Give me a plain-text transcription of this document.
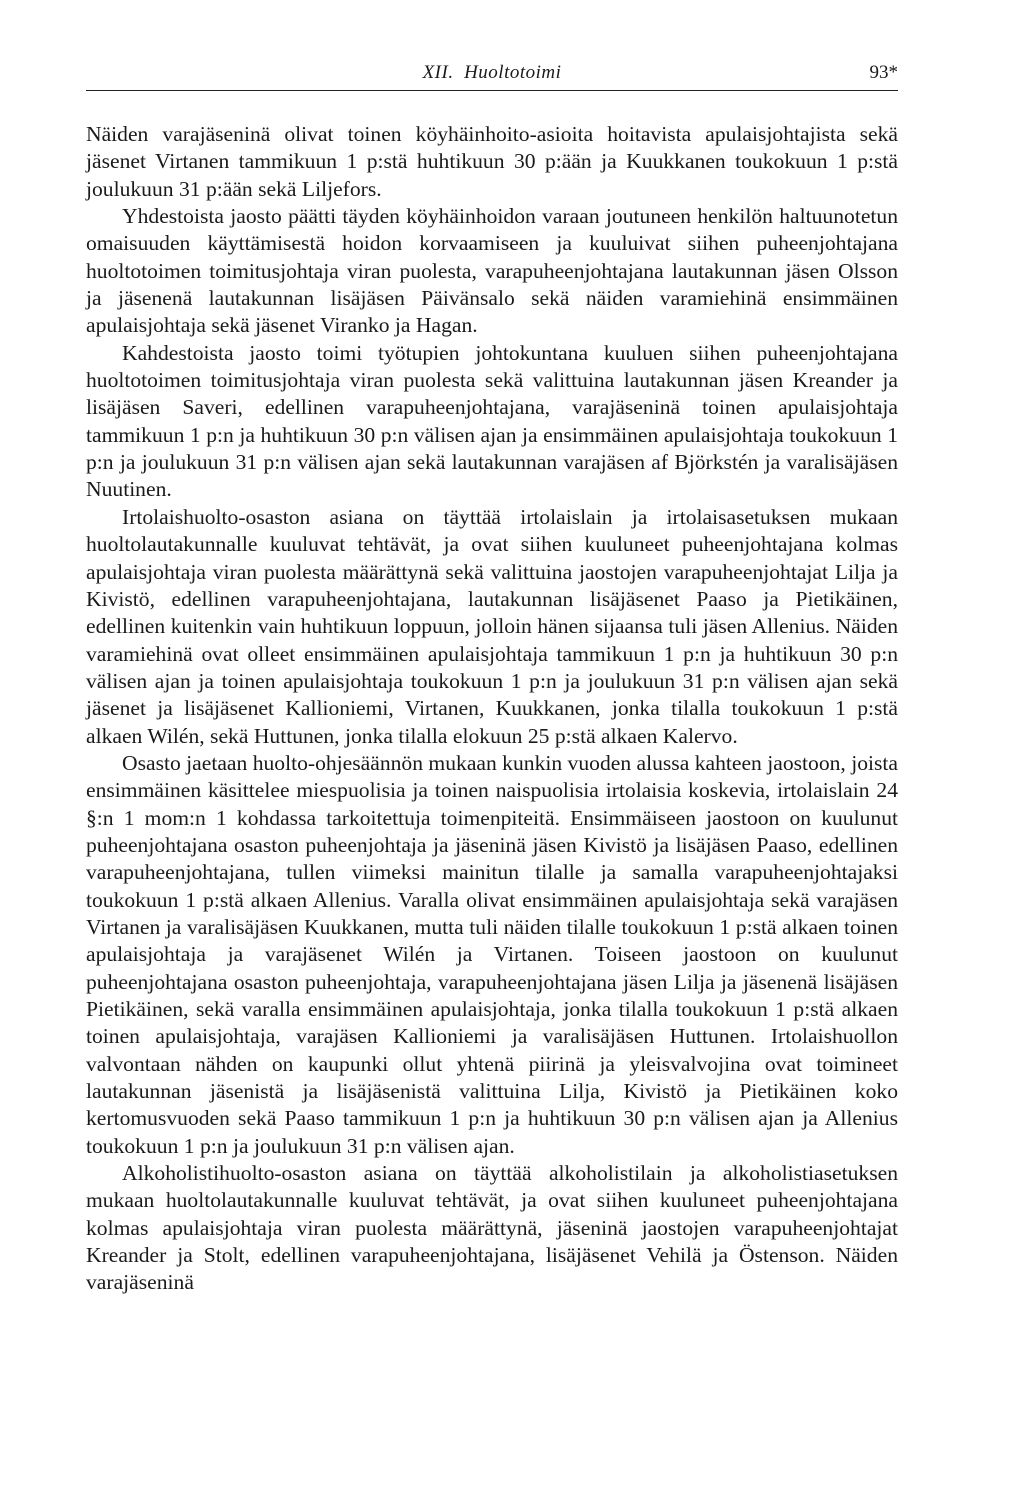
XII. Huoltotoimi	93*

Näiden varajäseninä olivat toinen köyhäinhoito-asioita hoitavista apulaisjohtajista sekä jäsenet Virtanen tammikuun 1 p:stä huhtikuun 30 p:ään ja Kuukkanen toukokuun 1 p:stä joulukuun 31 p:ään sekä Liljefors.

Yhdestoista jaosto päätti täyden köyhäinhoidon varaan joutuneen henkilön haltuunotetun omaisuuden käyttämisestä hoidon korvaamiseen ja kuuluivat siihen puheenjohtajana huoltotoimen toimitusjohtaja viran puolesta, varapuheenjohtajana lautakunnan jäsen Olsson ja jäsenenä lautakunnan lisäjäsen Päivänsalo sekä näiden varamiehinä ensimmäinen apulaisjohtaja sekä jäsenet Viranko ja Hagan.

Kahdestoista jaosto toimi työtupien johtokuntana kuuluen siihen puheenjohtajana huoltotoimen toimitusjohtaja viran puolesta sekä valittuina lautakunnan jäsen Kreander ja lisäjäsen Saveri, edellinen varapuheenjohtajana, varajäseninä toinen apulaisjohtaja tammikuun 1 p:n ja huhtikuun 30 p:n välisen ajan ja ensimmäinen apulaisjohtaja toukokuun 1 p:n ja joulukuun 31 p:n välisen ajan sekä lautakunnan varajäsen af Björkstén ja varalisäjäsen Nuutinen.

Irtolaishuolto-osaston asiana on täyttää irtolaislain ja irtolaisasetuksen mukaan huoltolautakunnalle kuuluvat tehtävät, ja ovat siihen kuuluneet puheenjohtajana kolmas apulaisjohtaja viran puolesta määrättynä sekä valittuina jaostojen varapuheenjohtajat Lilja ja Kivistö, edellinen varapuheenjohtajana, lautakunnan lisäjäsenet Paaso ja Pietikäinen, edellinen kuitenkin vain huhtikuun loppuun, jolloin hänen sijaansa tuli jäsen Allenius. Näiden varamiehinä ovat olleet ensimmäinen apulaisjohtaja tammikuun 1 p:n ja huhtikuun 30 p:n välisen ajan ja toinen apulaisjohtaja toukokuun 1 p:n ja joulukuun 31 p:n välisen ajan sekä jäsenet ja lisäjäsenet Kallioniemi, Virtanen, Kuukkanen, jonka tilalla toukokuun 1 p:stä alkaen Wilén, sekä Huttunen, jonka tilalla elokuun 25 p:stä alkaen Kalervo.

Osasto jaetaan huolto-ohjesäännön mukaan kunkin vuoden alussa kahteen jaostoon, joista ensimmäinen käsittelee miespuolisia ja toinen naispuolisia irtolaisia koskevia, irtolaislain 24 §:n 1 mom:n 1 kohdassa tarkoitettuja toimenpiteitä. Ensimmäiseen jaostoon on kuulunut puheenjohtajana osaston puheenjohtaja ja jäseninä jäsen Kivistö ja lisäjäsen Paaso, edellinen varapuheenjohtajana, tullen viimeksi mainitun tilalle ja samalla varapuheenjohtajaksi toukokuun 1 p:stä alkaen Allenius. Varalla olivat ensimmäinen apulaisjohtaja sekä varajäsen Virtanen ja varalisäjäsen Kuukkanen, mutta tuli näiden tilalle toukokuun 1 p:stä alkaen toinen apulaisjohtaja ja varajäsenet Wilén ja Virtanen. Toiseen jaostoon on kuulunut puheenjohtajana osaston puheenjohtaja, varapuheenjohtajana jäsen Lilja ja jäsenenä lisäjäsen Pietikäinen, sekä varalla ensimmäinen apulaisjohtaja, jonka tilalla toukokuun 1 p:stä alkaen toinen apulaisjohtaja, varajäsen Kallioniemi ja varalisäjäsen Huttunen. Irtolaishuollon valvontaan nähden on kaupunki ollut yhtenä piirinä ja yleisvalvojina ovat toimineet lautakunnan jäsenistä ja lisäjäsenistä valittuina Lilja, Kivistö ja Pietikäinen koko kertomusvuoden sekä Paaso tammikuun 1 p:n ja huhtikuun 30 p:n välisen ajan ja Allenius toukokuun 1 p:n ja joulukuun 31 p:n välisen ajan.

Alkoholistihuolto-osaston asiana on täyttää alkoholistilain ja alkoholistiasetuksen mukaan huoltolautakunnalle kuuluvat tehtävät, ja ovat siihen kuuluneet puheenjohtajana kolmas apulaisjohtaja viran puolesta määrättynä, jäseninä jaostojen varapuheenjohtajat Kreander ja Stolt, edellinen varapuheenjohtajana, lisäjäsenet Vehilä ja Östenson. Näiden varajäseninä
